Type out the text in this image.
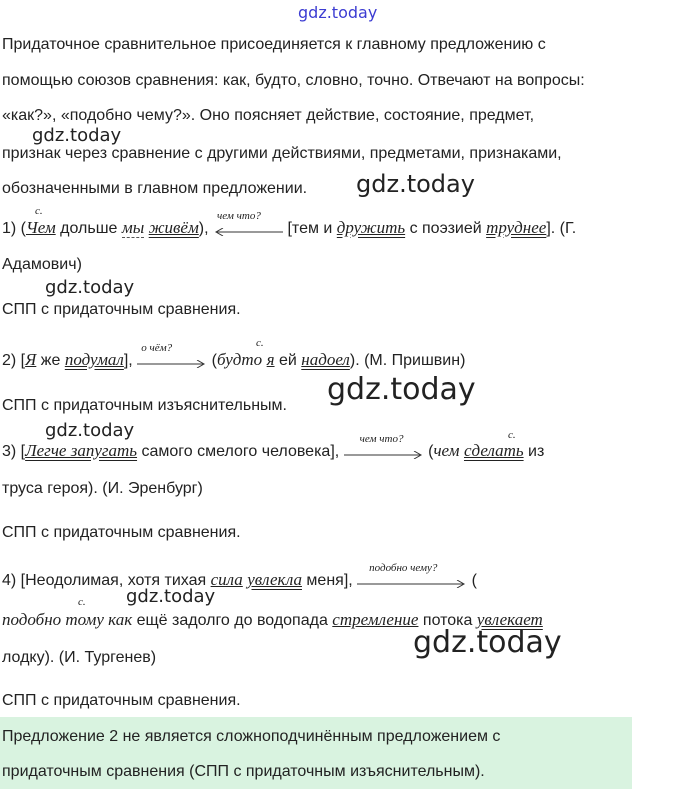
gdz.today
Придаточное сравнительное присоединяется к главному предложению с
помощью союзов сравнения: как, будто, словно, точно. Отвечают на вопросы:
«как?», «подобно чему?». Оно поясняет действие, состояние, предмет,
gdz.today
признак через сравнение с другими действиями, предметами, признаками,
обозначенными в главном предложении. gdz.today
1) (Чем дольше мы живём),
чем что?
[тем и дружить с поэзией труднее]. (Г.
с.
Адамович)
gdz.today
СПП с придаточным сравнения.
2) [Я же подумал],
о чём?
(будто я ей надоел). (М. Пришвин)
с.
СПП с придаточным изъяснительным. gdz.today
gdz.today
3) [Легче запугать самого смелого человека],
чем что?
(чем сделать из
с.
труса героя). (И. Эренбург)
СПП с придаточным сравнения.
4) [Неодолимая, хотя тихая сила увлекла меня],
подобно чему?
(
с. gdz.today
подобно тому как ещё задолго до водопада стремление потока увлекает
gdz.today
лодку). (И. Тургенев)
СПП с придаточным сравнения.
Предложение 2 не является сложноподчинённым предложением с
придаточным сравнения (СПП с придаточным изъяснительным).
